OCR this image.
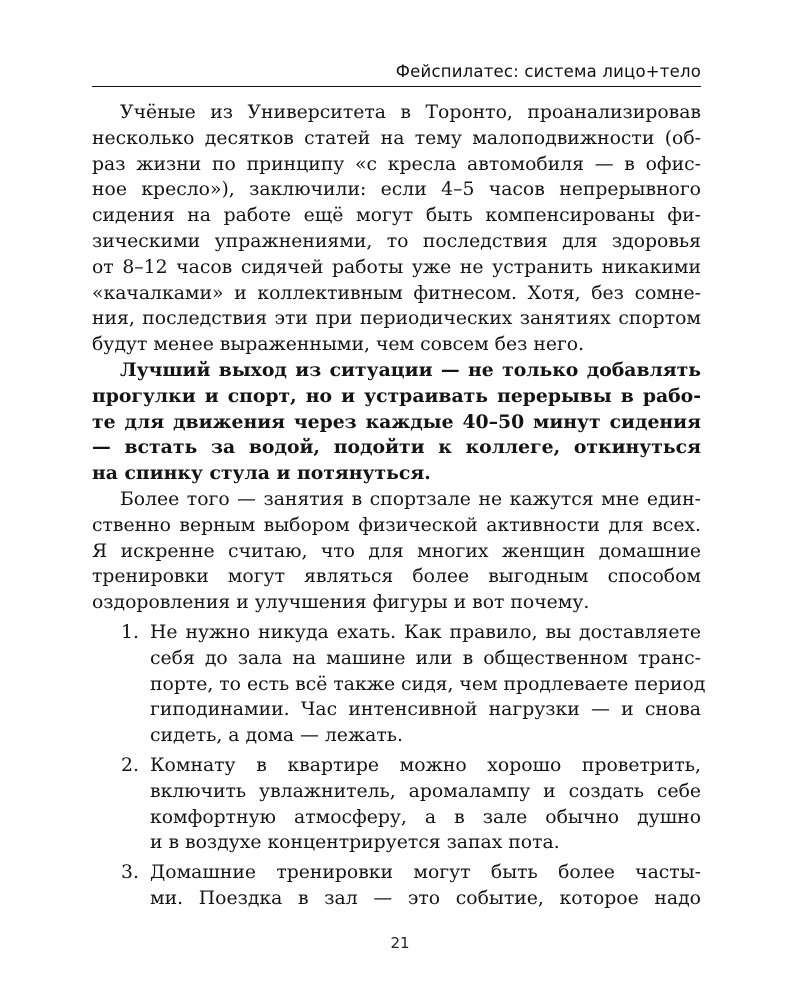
Фейспилатес: система лицо+тело
Учёные из Университета в Торонто, проанализировав
несколько десятков статей на тему малоподвижности (об-
раз жизни по принципу «с кресла автомобиля — в офис-
ное кресло»), заключили: если 4–5 часов непрерывного
сидения на работе ещё могут быть компенсированы фи-
зическими упражнениями, то последствия для здоровья
от 8–12 часов сидячей работы уже не устранить никакими
«качалками» и коллективным фитнесом. Хотя, без сомне-
ния, последствия эти при периодических занятиях спортом
будут менее выраженными, чем совсем без него.
Лучший выход из ситуации — не только добавлять
прогулки и спорт, но и устраивать перерывы в рабо-
те для движения через каждые 40–50 минут сидения
— встать за водой, подойти к коллеге, откинуться
на спинку стула и потянуться.
Более того — занятия в спортзале не кажутся мне един-
ственно верным выбором физической активности для всех.
Я искренне считаю, что для многих женщин домашние
тренировки могут являться более выгодным способом
оздоровления и улучшения фигуры и вот почему.
1. Не нужно никуда ехать. Как правило, вы доставляете
себя до зала на машине или в общественном транс-
порте, то есть всё также сидя, чем продлеваете период
гиподинамии. Час интенсивной нагрузки — и снова
сидеть, а дома — лежать.
2. Комнату в квартире можно хорошо проветрить,
включить увлажнитель, аромалампу и создать себе
комфортную атмосферу, а в зале обычно душно
и в воздухе концентрируется запах пота.
3. Домашние тренировки могут быть более часты-
ми. Поездка в зал — это событие, которое надо
21
